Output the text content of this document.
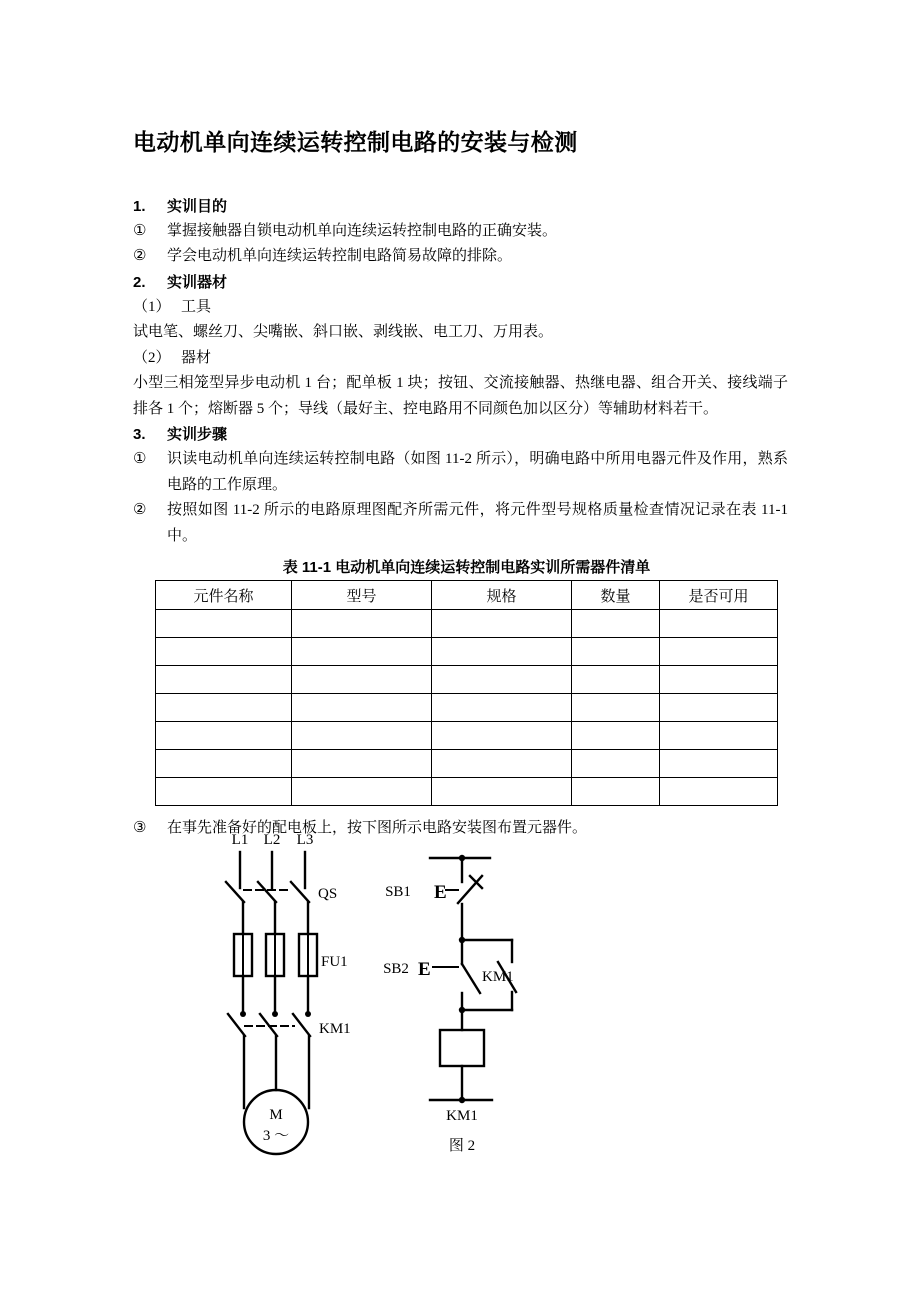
电动机单向连续运转控制电路的安装与检测
1.	实训目的
①	掌握接触器自锁电动机单向连续运转控制电路的正确安装。
②	学会电动机单向连续运转控制电路简易故障的排除。
2.	实训器材
（1） 工具

试电笔、螺丝刀、尖嘴嵌、斜口嵌、剥线嵌、电工刀、万用表。

（2） 器材

小型三相笼型异步电动机 1 台；配单板 1 块；按钮、交流接触器、热继电器、组合开关、接线端子排各 1 个；熔断器 5 个；导线（最好主、控电路用不同颜色加以区分）等辅助材料若干。

3.	实训步骤
①	识读电动机单向连续运转控制电路（如图 11-2 所示），明确电路中所用电器元件及作用，熟系电路的工作原理。
②	按照如图 11-2 所示的电路原理图配齐所需元件，将元件型号规格质量检查情况记录在表 11-1 中。
表 11-1 电动机单向连续运转控制电路实训所需器件清单
元件名称	型号	规格	数量	是否可用

③	在事先准备好的配电板上，按下图所示电路安装图布置元器件。
L1 L2 L3
QS
FU1
KM1
M
3 ～
E
SB1
E
SB2	KM1
KM1
图 2
